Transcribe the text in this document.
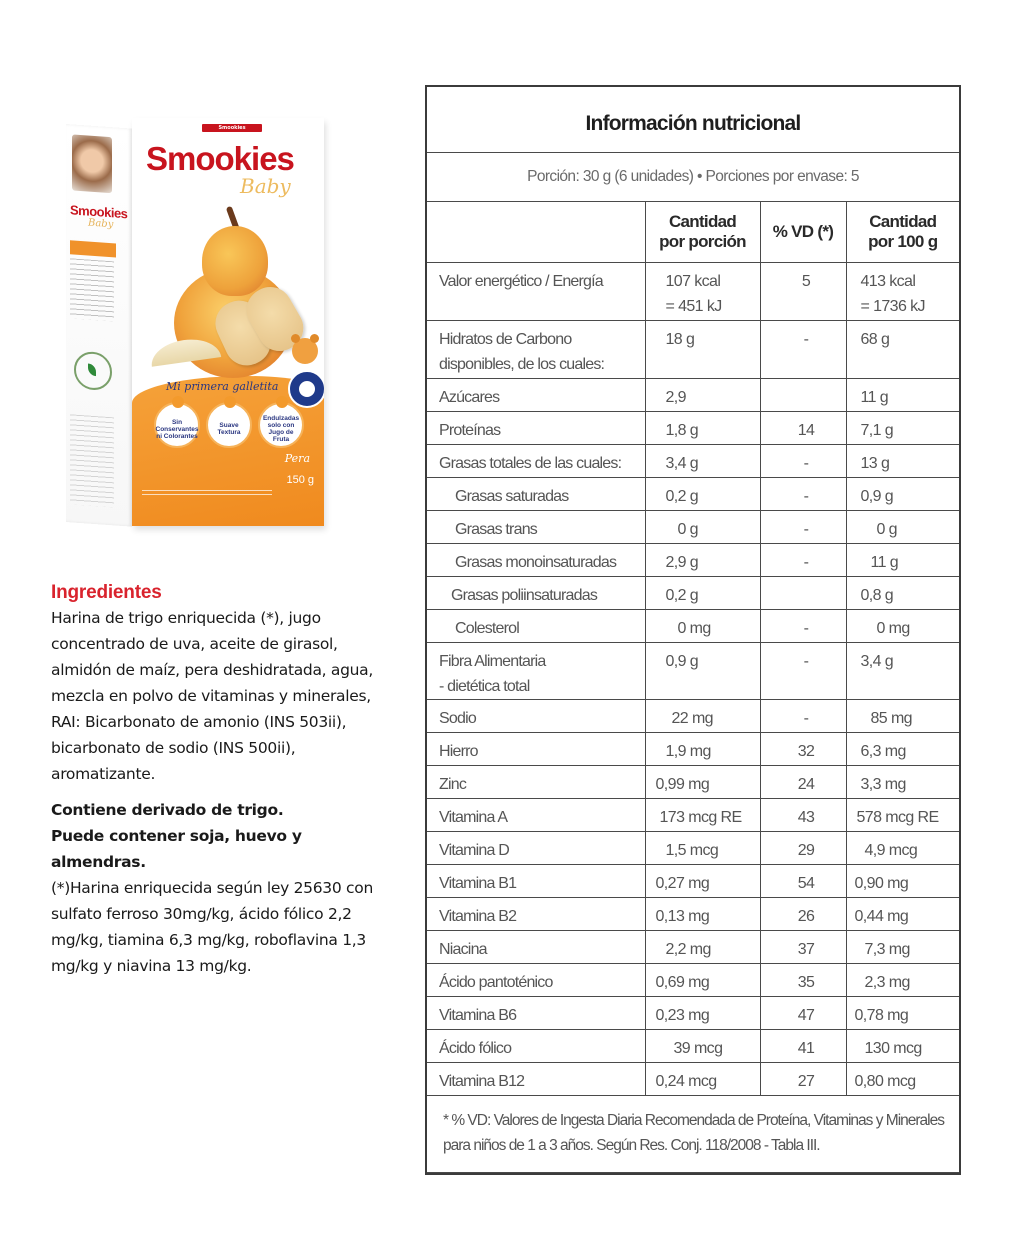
Smookies
Baby
Smookies
Smookies
Baby
Mi primera galletita
Sin Conservantes ni Colorantes
Suave Textura
Endulzadas solo con Jugo de Fruta
Pera
150 g
Ingredientes

Harina de trigo enriquecida (*), jugo concentrado de uva, aceite de girasol, almidón de maíz, pera deshidratada, agua, mezcla en polvo de vitaminas y minerales, RAI: Bicarbonato de amonio (INS 503ii), bicarbonato de sodio (INS 500ii), aromatizante.

Contiene derivado de trigo.
Puede contener soja, huevo y almendras.

(*)Harina enriquecida según ley 25630 con sulfato ferroso 30mg/kg, ácido fólico 2,2 mg/kg, tiamina 6,3 mg/kg, roboflavina 1,3 mg/kg y niavina 13 mg/kg.

Información nutricional			
Porción: 30 g (6 unidades) • Porciones por envase: 5			
	Cantidad
por porción	% VD (*)	Cantidad
por 100 g
Valor energético / Energía	107 kcal
= 451 kJ	5	413 kcal
= 1736 kJ
Hidratos de Carbono
disponibles, de los cuales:	18 g	-	68 g
Azúcares	2,9		11 g
Proteínas	1,8 g	14	7,1 g
Grasas totales de las cuales:	3,4 g	-	13 g
Grasas saturadas	0,2 g	-	0,9 g
Grasas trans	0 g	-	0 g
Grasas monoinsaturadas	2,9 g	-	11 g
Grasas poliinsaturadas	0,2 g		0,8 g
Colesterol	0 mg	-	0 mg
Fibra Alimentaria
- dietética total	0,9 g	-	3,4 g
Sodio	22 mg	-	85 mg
Hierro	1,9 mg	32	6,3 mg
Zinc	0,99 mg	24	3,3 mg
Vitamina A	173 mcg RE	43	578 mcg RE
Vitamina D	1,5 mcg	29	4,9 mcg
Vitamina B1	0,27 mg	54	0,90 mg
Vitamina B2	0,13 mg	26	0,44 mg
Niacina	2,2 mg	37	7,3 mg
Ácido pantoténico	0,69 mg	35	2,3 mg
Vitamina B6	0,23 mg	47	0,78 mg
Ácido fólico	39 mcg	41	130 mcg
Vitamina B12	0,24 mcg	27	0,80 mcg
* % VD: Valores de Ingesta Diaria Recomendada de Proteína, Vitaminas y Minerales para niños de 1 a 3 años. Según Res. Conj. 118/2008 - Tabla III.			
